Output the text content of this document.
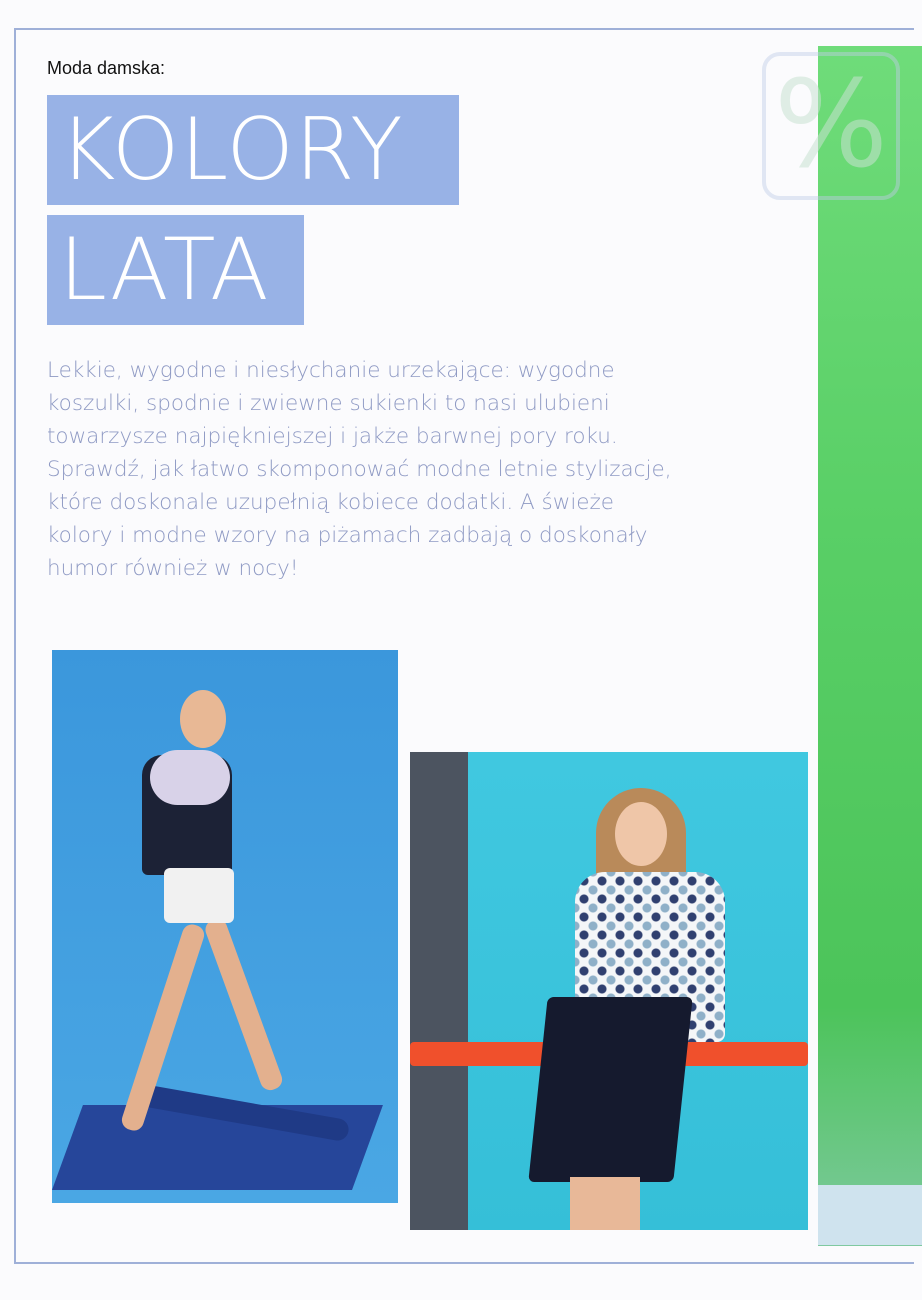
%
Moda damska:
KOLORY
LATA
Lekkie, wygodne i niesłychanie urzekające: wygodne
koszulki, spodnie i zwiewne sukienki to nasi ulubieni
towarzysze najpiękniejszej i jakże barwnej pory roku.
Sprawdź, jak łatwo skomponować modne letnie stylizacje,
które doskonale uzupełnią kobiece dodatki. A świeże
kolory i modne wzory na piżamach zadbają o doskonały
humor również w nocy!
